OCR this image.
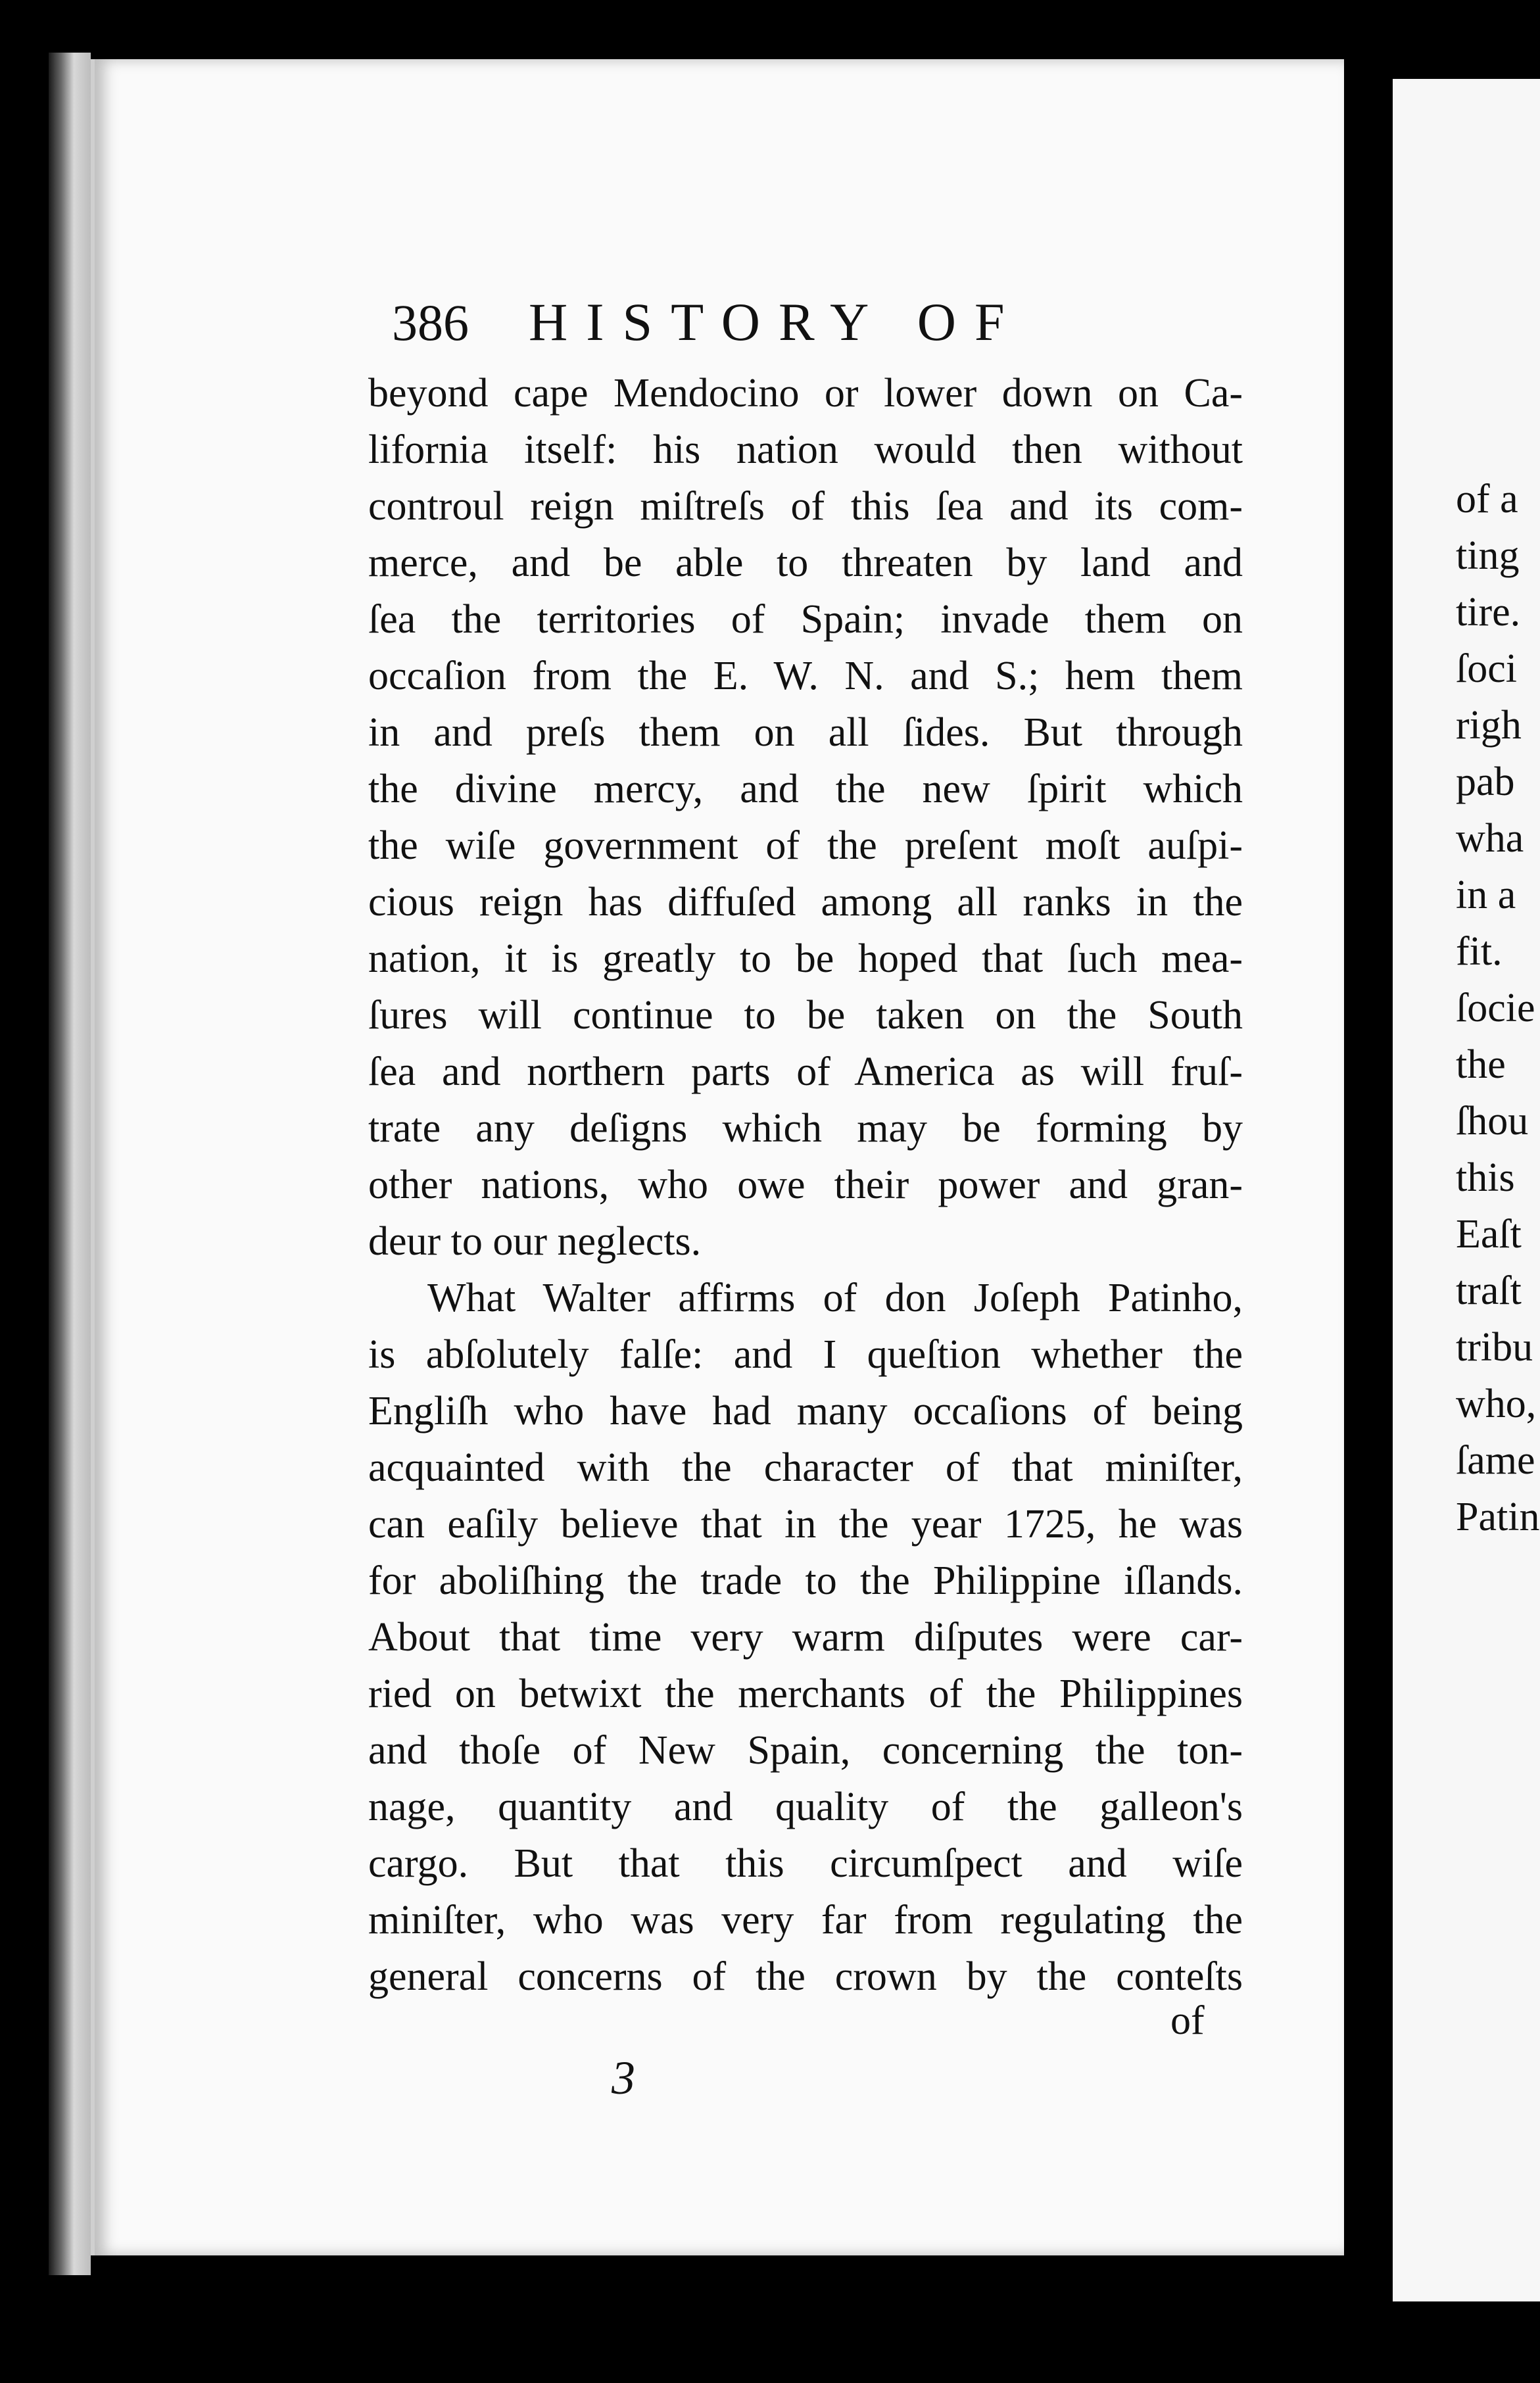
386 HISTORY OF
beyond cape Mendocino or lower down on Ca-
lifornia itself: his nation would then without
controul reign miſtreſs of this ſea and its com-
merce, and be able to threaten by land and
ſea the territories of Spain; invade them on
occaſion from the E. W. N. and S.; hem them
in and preſs them on all ſides. But through
the divine mercy, and the new ſpirit which
the wiſe government of the preſent moſt auſpi-
cious reign has diffuſed among all ranks in the
nation, it is greatly to be hoped that ſuch mea-
ſures will continue to be taken on the South
ſea and northern parts of America as will fruſ-
trate any deſigns which may be forming by
other nations, who owe their power and gran-
deur to our neglects.
What Walter affirms of don Joſeph Patinho,
is abſolutely falſe: and I queſtion whether the
Engliſh who have had many occaſions of being
acquainted with the character of that miniſter,
can eaſily believe that in the year 1725, he was
for aboliſhing the trade to the Philippine iſlands.
About that time very warm diſputes were car-
ried on betwixt the merchants of the Philippines
and thoſe of New Spain, concerning the ton-
nage, quantity and quality of the galleon's
cargo. But that this circumſpect and wiſe
miniſter, who was very far from regulating the
general concerns of the crown by the conteſts
of
3
of a
ting
tire.
ſoci
righ
pab
wha
in a
fit.
ſocie
the
ſhou
this
Eaſt
traſt
tribu
who,
ſame
Patin
